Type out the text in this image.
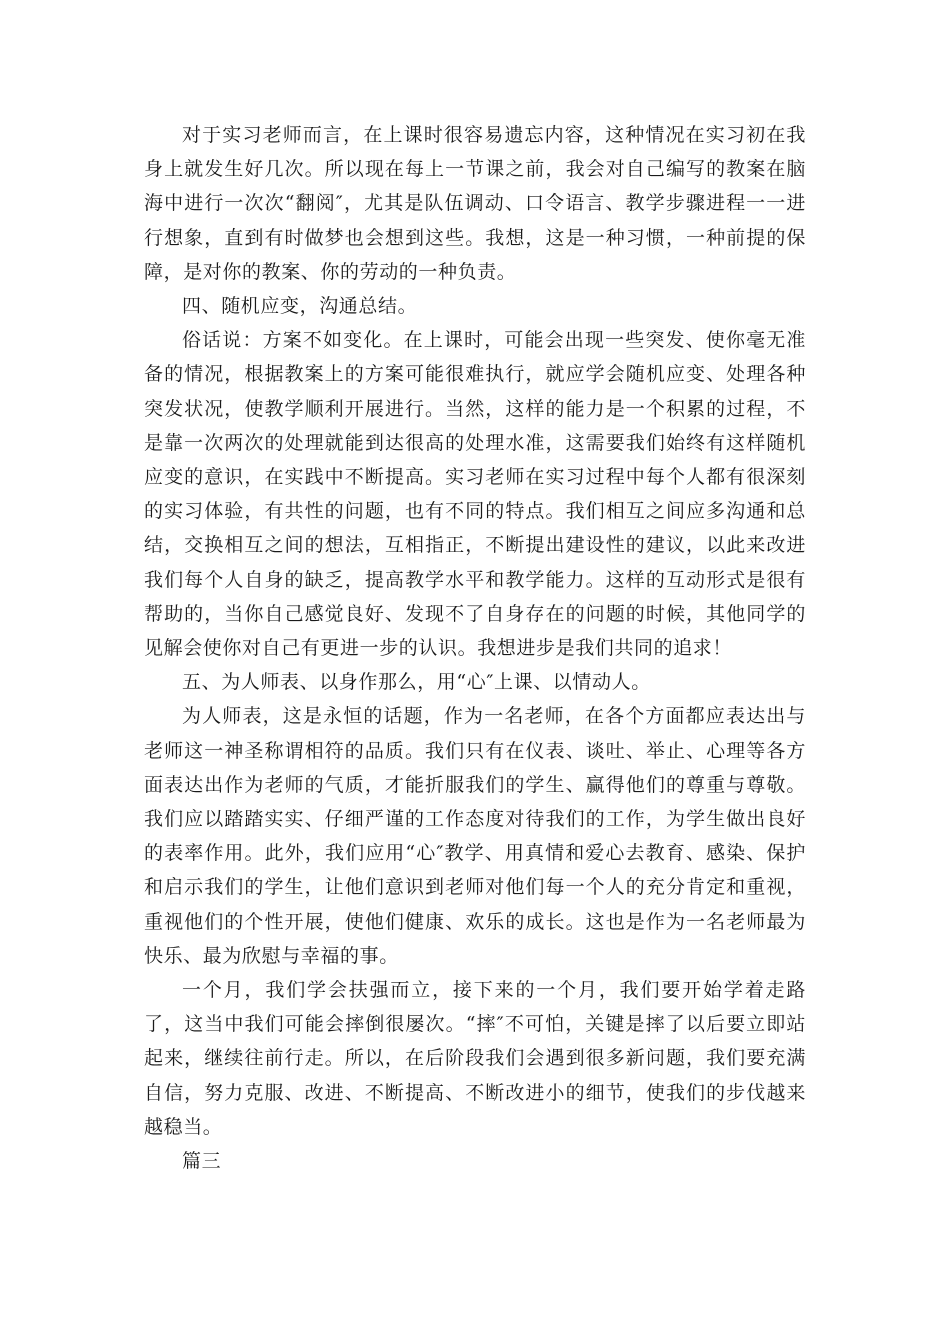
对于实习老师而言，在上课时很容易遗忘内容，这种情况在实习初在我身上就发生好几次。所以现在每上一节课之前，我会对自己编写的教案在脑海中进行一次次“翻阅″，尤其是队伍调动、口令语言、教学步骤进程一一进行想象，直到有时做梦也会想到这些。我想，这是一种习惯，一种前提的保障，是对你的教案、你的劳动的一种负责。

四、随机应变，沟通总结。

俗话说：方案不如变化。在上课时，可能会出现一些突发、使你毫无准备的情况，根据教案上的方案可能很难执行，就应学会随机应变、处理各种突发状况，使教学顺利开展进行。当然，这样的能力是一个积累的过程，不是靠一次两次的处理就能到达很高的处理水准，这需要我们始终有这样随机应变的意识，在实践中不断提高。实习老师在实习过程中每个人都有很深刻的实习体验，有共性的问题，也有不同的特点。我们相互之间应多沟通和总结，交换相互之间的想法，互相指正，不断提出建设性的建议，以此来改进我们每个人自身的缺乏，提高教学水平和教学能力。这样的互动形式是很有帮助的，当你自己感觉良好、发现不了自身存在的问题的时候，其他同学的见解会使你对自己有更进一步的认识。我想进步是我们共同的追求！

五、为人师表、以身作那么，用“心″上课、以情动人。

为人师表，这是永恒的话题，作为一名老师，在各个方面都应表达出与老师这一神圣称谓相符的品质。我们只有在仪表、谈吐、举止、心理等各方面表达出作为老师的气质，才能折服我们的学生、赢得他们的尊重与尊敬。我们应以踏踏实实、仔细严谨的工作态度对待我们的工作，为学生做出良好的表率作用。此外，我们应用“心″教学、用真情和爱心去教育、感染、保护和启示我们的学生，让他们意识到老师对他们每一个人的充分肯定和重视，重视他们的个性开展，使他们健康、欢乐的成长。这也是作为一名老师最为快乐、最为欣慰与幸福的事。

一个月，我们学会扶强而立，接下来的一个月，我们要开始学着走路了，这当中我们可能会摔倒很屡次。“摔″不可怕，关键是摔了以后要立即站起来，继续往前行走。所以，在后阶段我们会遇到很多新问题，我们要充满自信，努力克服、改进、不断提高、不断改进小的细节，使我们的步伐越来越稳当。

篇三
